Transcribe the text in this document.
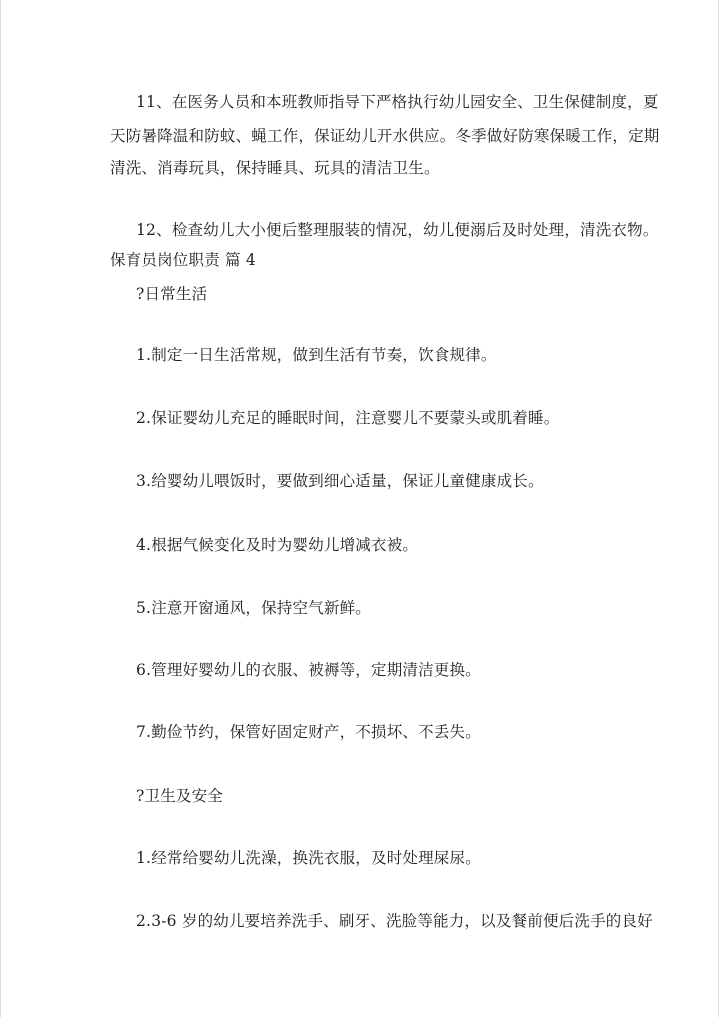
11、在医务人员和本班教师指导下严格执行幼儿园安全、卫生保健制度，夏
天防暑降温和防蚊、蝇工作，保证幼儿开水供应。冬季做好防寒保暖工作，定期
清洗、消毒玩具，保持睡具、玩具的清洁卫生。
12、检查幼儿大小便后整理服装的情况，幼儿便溺后及时处理，清洗衣物。
保育员岗位职责 篇 4
?日常生活
1.制定一日生活常规，做到生活有节奏，饮食规律。
2.保证婴幼儿充足的睡眠时间，注意婴儿不要蒙头或肌着睡。
3.给婴幼儿喂饭时，要做到细心适量，保证儿童健康成长。
4.根据气候变化及时为婴幼儿增减衣被。
5.注意开窗通风，保持空气新鲜。
6.管理好婴幼儿的衣服、被褥等，定期清洁更换。
7.勤俭节约，保管好固定财产，不损坏、不丢失。
?卫生及安全
1.经常给婴幼儿洗澡，换洗衣服，及时处理屎尿。
2.3-6 岁的幼儿要培养洗手、刷牙、洗脸等能力，以及餐前便后洗手的良好
